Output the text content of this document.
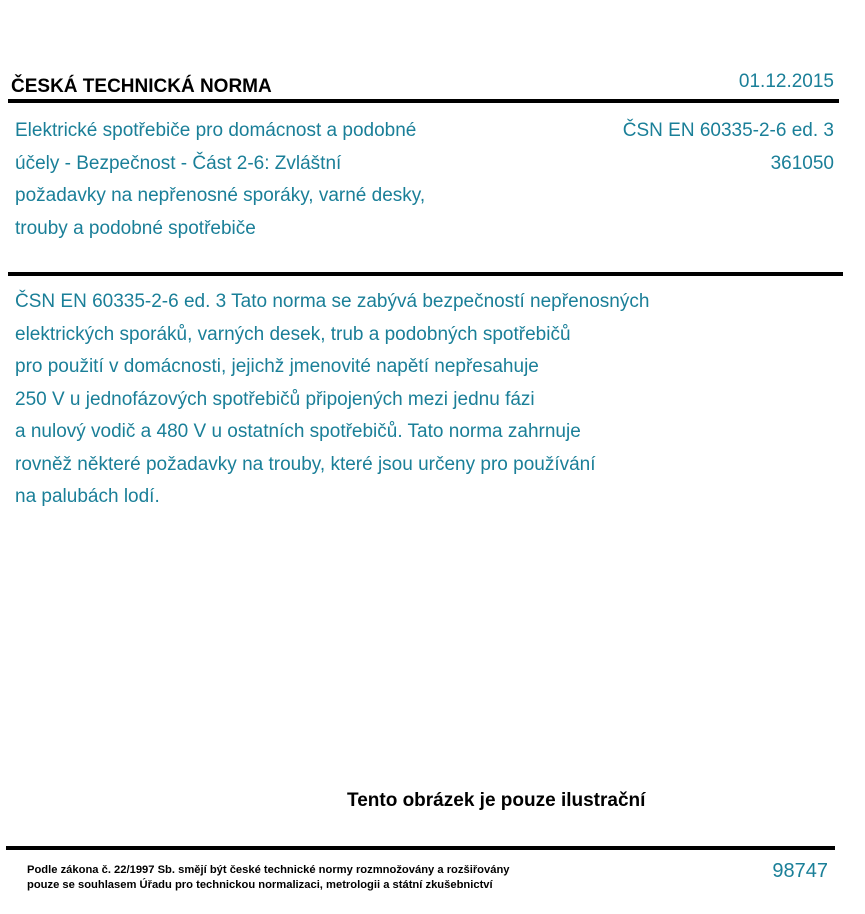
ČESKÁ TECHNICKÁ NORMA	01.12.2015
Elektrické spotřebiče pro domácnost a podobné
účely - Bezpečnost - Část 2-6: Zvláštní
požadavky na nepřenosné sporáky, varné desky,
trouby a podobné spotřebiče
ČSN EN 60335-2-6 ed. 3
361050
ČSN EN 60335-2-6 ed. 3 Tato norma se zabývá bezpečností nepřenosných
elektrických sporáků, varných desek, trub a podobných spotřebičů
pro použití v domácnosti, jejichž jmenovité napětí nepřesahuje
250 V u jednofázových spotřebičů připojených mezi jednu fázi
a nulový vodič a 480 V u ostatních spotřebičů. Tato norma zahrnuje
rovněž některé požadavky na trouby, které jsou určeny pro používání
na palubách lodí.
Tento obrázek je pouze ilustrační
Podle zákona č. 22/1997 Sb. smějí být české technické normy rozmnožovány a rozšiřovány
pouze se souhlasem Úřadu pro technickou normalizaci, metrologii a státní zkušebnictví
98747
